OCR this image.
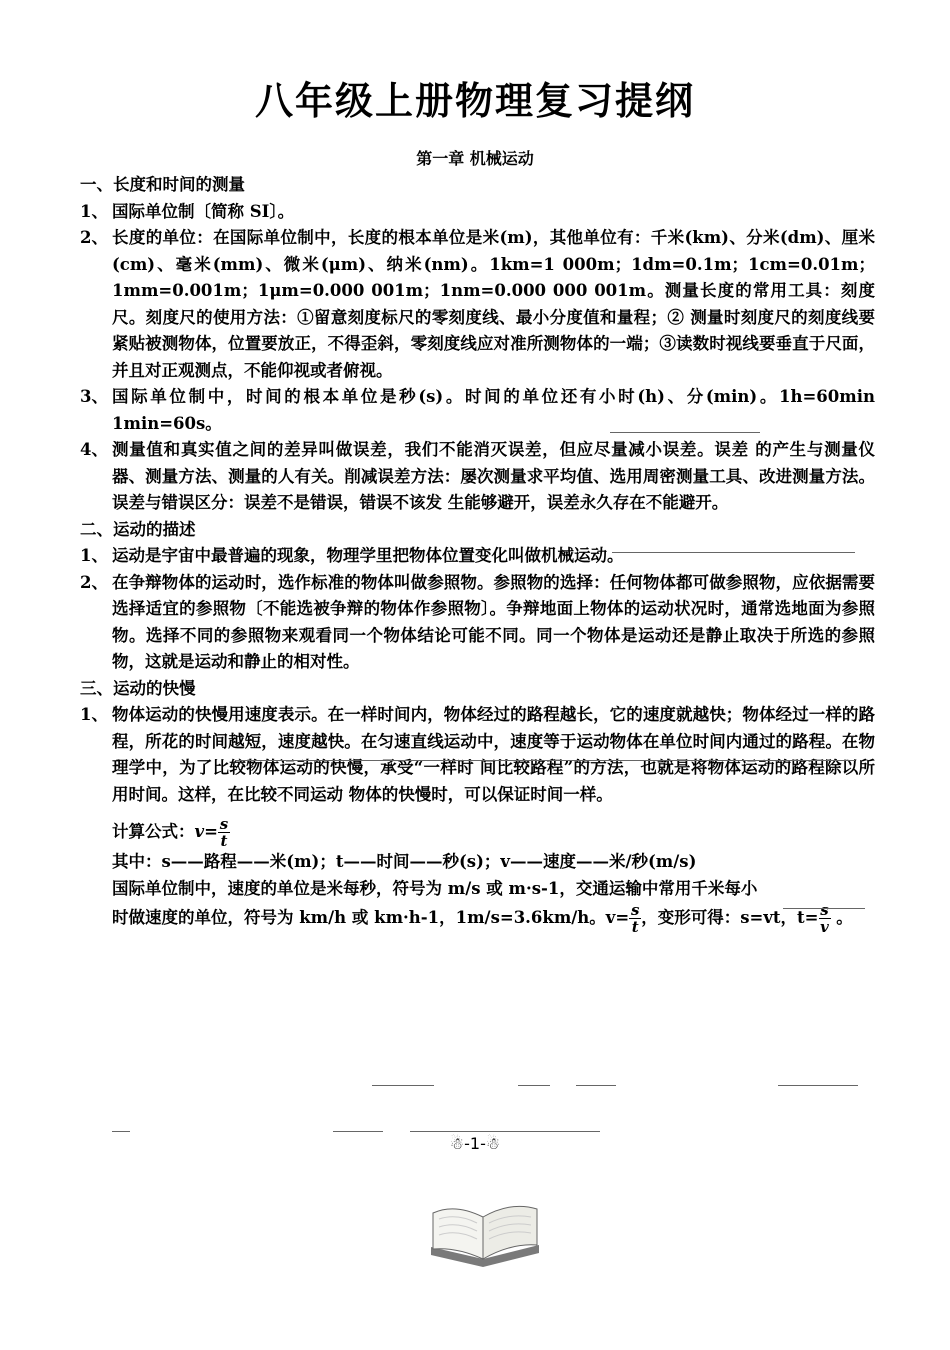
八年级上册物理复习提纲
第一章 机械运动

一、长度和时间的测量

1、 国际单位制〔简称 SI〕。
2、 长度的单位：在国际单位制中，长度的根本单位是米(m)，其他单位有：千米(km)、分米(dm)、厘米(cm)、毫米(mm)、微米(μm)、纳米(nm)。1km=1 000m；1dm=0.1m；1cm=0.01m；1mm=0.001m；1μm=0.000 001m；1nm=0.000 000 001m。测量长度的常用工具：刻度尺。刻度尺的使用方法：①留意刻度标尺的零刻度线、最小分度值和量程；② 测量时刻度尺的刻度线要紧贴被测物体，位置要放正，不得歪斜，零刻度线应对准所测物体的一端；③读数时视线要垂直于尺面，并且对正观测点，不能仰视或者俯视。
3、 国际单位制中，时间的根本单位是秒(s)。时间的单位还有小时(h)、分(min)。1h=60min 1min=60s。
4、 测量值和真实值之间的差异叫做误差，我们不能消灭误差，但应尽量减小误差。误差 的产生与测量仪器、测量方法、测量的人有关。削减误差方法：屡次测量求平均值、选用周密测量工具、改进测量方法。误差与错误区分：误差不是错误，错误不该发 生能够避开，误差永久存在不能避开。

二、运动的描述

1、 运动是宇宙中最普遍的现象，物理学里把物体位置变化叫做机械运动。
2、 在争辩物体的运动时，选作标准的物体叫做参照物。参照物的选择：任何物体都可做参照物，应依据需要选择适宜的参照物〔不能选被争辩的物体作参照物〕。争辩地面上物体的运动状况时，通常选地面为参照物。选择不同的参照物来观看同一个物体结论可能不同。同一个物体是运动还是静止取决于所选的参照物，这就是运动和静止的相对性。

三、运动的快慢

1、 物体运动的快慢用速度表示。在一样时间内，物体经过的路程越长，它的速度就越快；物体经过一样的路程，所花的时间越短，速度越快。在匀速直线运动中，速度等于运动物体在单位时间内通过的路程。在物理学中，为了比较物体运动的快慢，承受“一样时 间比较路程”的方法，也就是将物体运动的路程除以所用时间。这样，在比较不同运动 物体的快慢时，可以保证时间一样。

计算公式：$v= \frac{s}{t}$

其中：s——路程——米(m)；t——时间——秒(s)；v——速度——米/秒(m/s)

国际单位制中，速度的单位是米每秒，符号为 m/s 或 m·s-1，交通运输中常用千米每小

时做速度的单位，符号为 km/h 或 km·h-1，1m/s=3.6km/h。$v= \frac{s}{t}$ ，变形可得：s=vt，$t= \frac{s}{v}$ 。

☃-1-☃
